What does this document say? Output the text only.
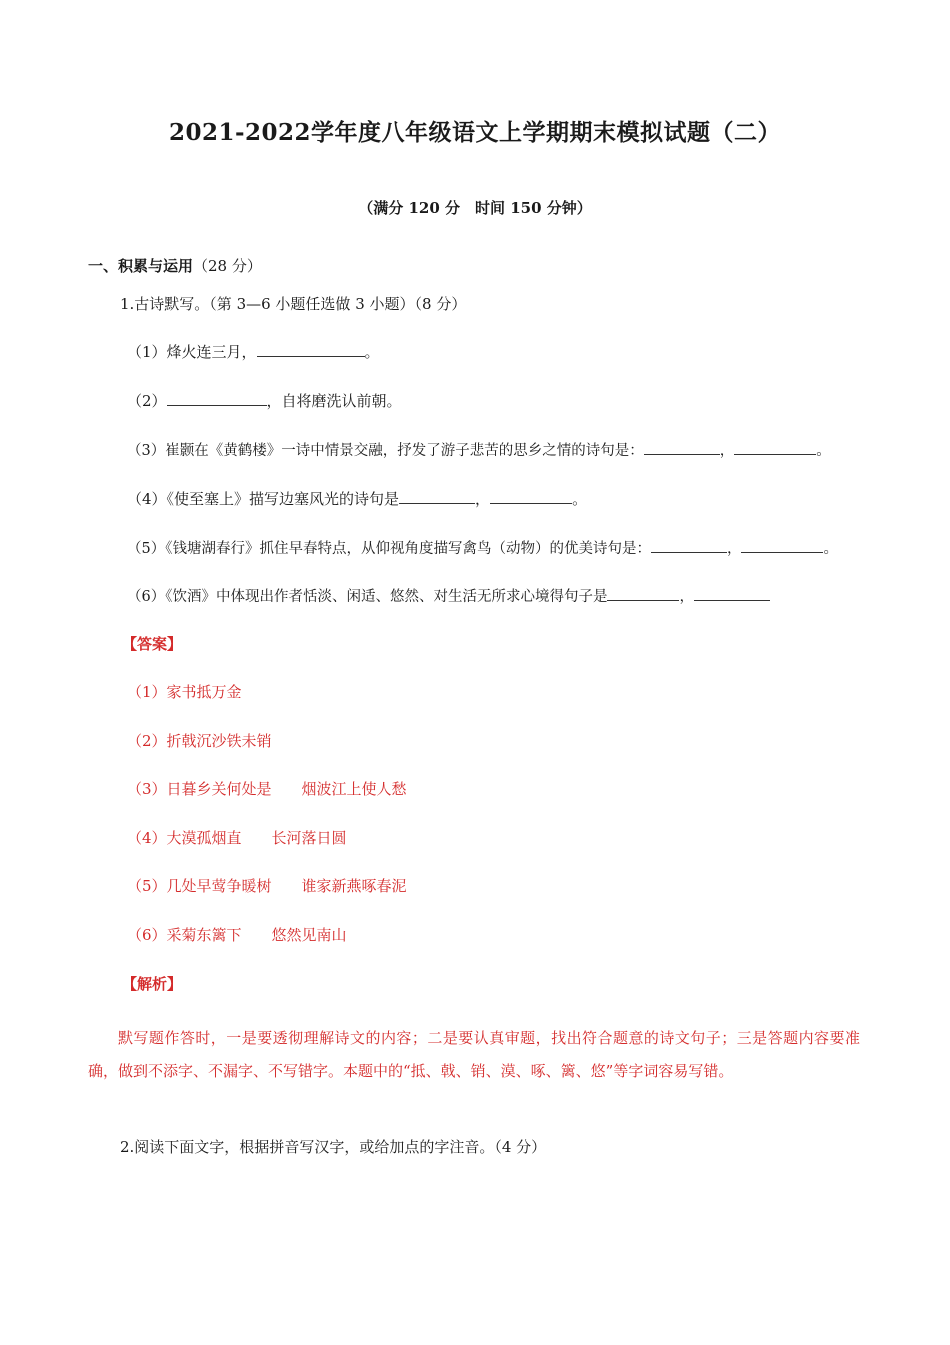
2021-2022学年度八年级语文上学期期末模拟试题（二）
（满分 120 分　时间 150 分钟）
一、积累与运用（28 分）
1.古诗默写。（第 3—6 小题任选做 3 小题）（8 分）
（1）烽火连三月，	。
（2）	，自将磨洗认前朝。
（3）崔颢在《黄鹤楼》一诗中情景交融，抒发了游子悲苦的思乡之情的诗句是：	，	。
（4）《使至塞上》描写边塞风光的诗句是	，	。
（5）《钱塘湖春行》抓住早春特点，从仰视角度描写禽鸟（动物）的优美诗句是：	，	。
（6）《饮酒》中体现出作者恬淡、闲适、悠然、对生活无所求心境得句子是	，
【答案】
（1）家书抵万金
（2）折戟沉沙铁未销
（3）日暮乡关何处是 烟波江上使人愁
（4）大漠孤烟直 长河落日圆
（5）几处早莺争暖树 谁家新燕啄春泥
（6）采菊东篱下 悠然见南山
【解析】
默写题作答时，一是要透彻理解诗文的内容；二是要认真审题，找出符合题意的诗文句子；三是答题内容要准确，做到不添字、不漏字、不写错字。本题中的“抵、戟、销、漠、啄、篱、悠”等字词容易写错。
2.阅读下面文字，根据拼音写汉字，或给加点的字注音。（4 分）
